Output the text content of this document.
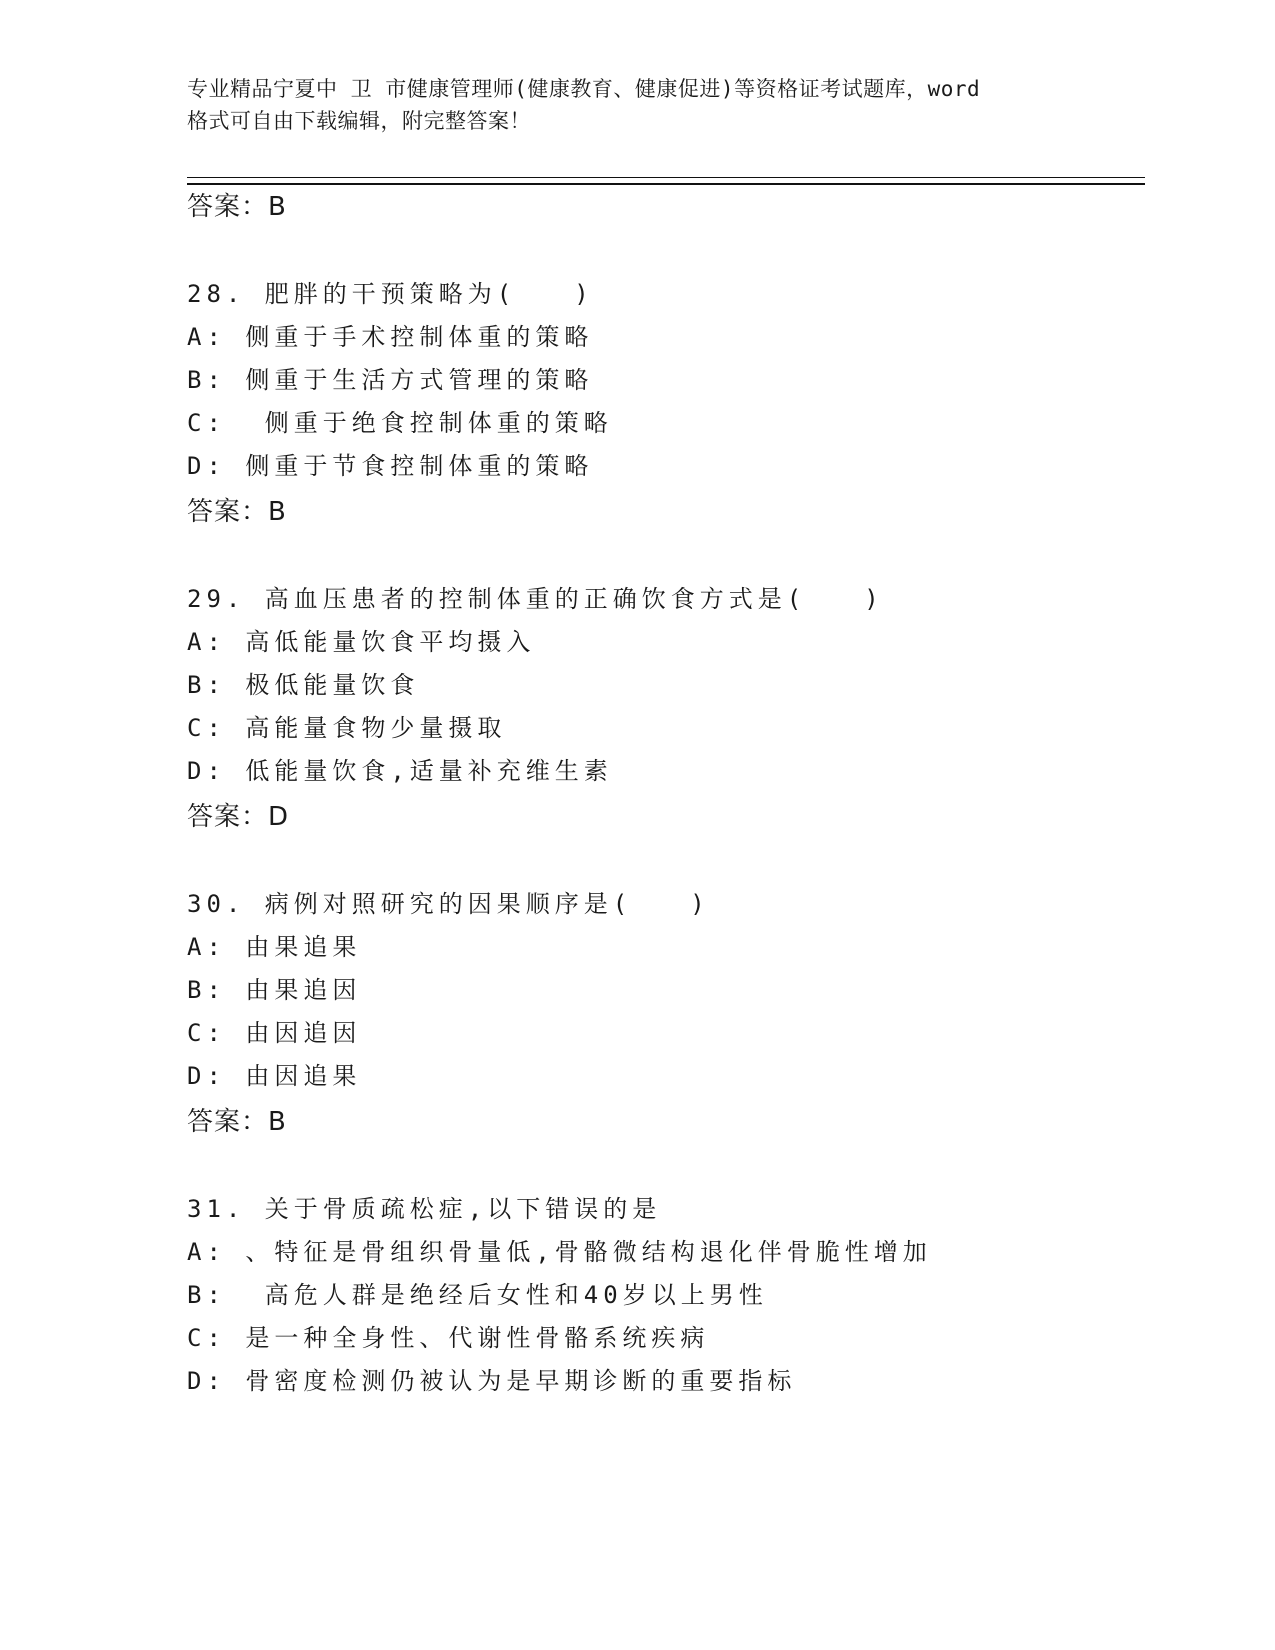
专业精品宁夏中 卫 市健康管理师(健康教育、健康促进)等资格证考试题库，word
格式可自由下载编辑，附完整答案！
答案：B
28. 肥胖的干预策略为(　　)
A: 侧重于手术控制体重的策略
B: 侧重于生活方式管理的策略
C:  侧重于绝食控制体重的策略
D: 侧重于节食控制体重的策略
答案：B
29. 高血压患者的控制体重的正确饮食方式是(　　)
A: 高低能量饮食平均摄入
B: 极低能量饮食
C: 高能量食物少量摄取
D: 低能量饮食,适量补充维生素
答案：D
30. 病例对照研究的因果顺序是(　　)
A: 由果追果
B: 由果追因
C: 由因追因
D: 由因追果
答案：B
31. 关于骨质疏松症,以下错误的是
A: 、特征是骨组织骨量低,骨骼微结构退化伴骨脆性增加
B:  高危人群是绝经后女性和40岁以上男性
C: 是一种全身性、代谢性骨骼系统疾病
D: 骨密度检测仍被认为是早期诊断的重要指标
